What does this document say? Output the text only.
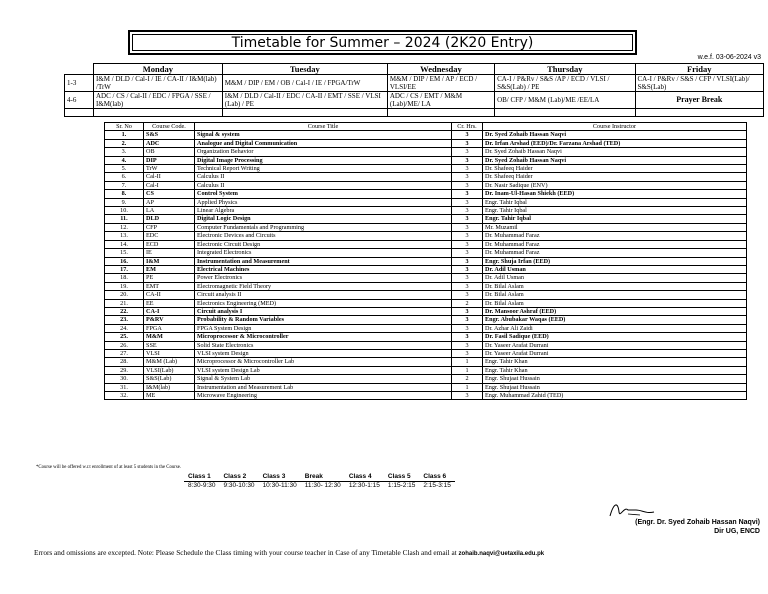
Timetable for Summer – 2024 (2K20 Entry)
w.e.f. 03-06-2024 v3
	Monday	Tuesday	Wednesday	Thursday	Friday
1-3	I&M / DLD / Cal-I / IE / CA-II / I&M(lab) /TrW	M&M / DIP / EM / OB / Cal-I / IE / FPGA/TrW	M&M / DIP / EM / AP / ECD / VLSI/EE	CA-I / P&Rv / S&S /AP / ECD / VLSI / S&S(Lab) / PE	CA-I / P&Rv / S&S / CFP / VLSI(Lab)/ S&S(Lab)
4-6	ADC / CS / Cal-II / EDC / FPGA / SSE / I&M(lab)	I&M / DLD / Cal-II / EDC / CA-II / EMT / SSE / VLSI (Lab) / PE	ADC / CS / EMT / M&M (Lab)/ME/ LA	OB/ CFP / M&M (Lab)/ME /EE/LA	Prayer Break

Sr. No	Course Code.	Course Title	Cr. Hrs.	Course Instructor
1.	S&S	Signal & system	3	Dr. Syed Zohaib Hassan Naqvi
2.	ADC	Analogue and Digital Communication	3	Dr. Irfan Arshad (EED)/Dr. Farzana Arshad (TED)
3.	OB	Organization Behavior	3	Dr. Syed Zohaib Hassan Naqvi
4.	DIP	Digital Image Processing	3	Dr. Syed Zohaib Hassan Naqvi
5.	TrW	Technical Report Writing	3	Dr. Shafeeq Haider
6.	Cal-II	Calculus II	3	Dr. Shafeeq Haider
7.	Cal-I	Calculus II	3	Dr. Nasir Sadique (ENV)
8.	CS	Control System	3	Dr. Inam-Ul-Hasan Shiekh (EED)
9.	AP	Applied Physics	3	Engr. Tahir Iqbal
10.	LA	Linear Algebra	3	Engr. Tahir Iqbal
11.	DLD	Digital Logic Design	3	Engr. Tahir Iqbal
12.	CFP	Computer Fundamentals and Programming	3	Mr. Muzamil
13.	EDC	Electronic Devices and Circuits	3	Dr. Muhammad Faraz
14.	ECD	Electronic Circuit Design	3	Dr. Muhammad Faraz
15.	IE	Integrated Electronics	3	Dr. Muhammad Faraz
16.	I&M	Instrumentation and Measurement	3	Engr. Shuja Irfan (EED)
17.	EM	Electrical Machines	3	Dr. Adil Usman
18.	PE	Power Electronics	3	Dr. Adil Usman
19.	EMT	Electromagnetic Field Theory	3	Dr. Bilal Aslam
20.	CA-II	Circuit analysis II	3	Dr. Bilal Aslam
21.	EE	Electronics Engineering (MED)	2	Dr. Bilal Aslam
22.	CA-I	Circuit analysis I	3	Dr. Mansoor Ashraf (EED)
23.	P&RV	Probability & Random Variables	3	Engr. Abubakar Waqas (EED)
24.	FPGA	FPGA System Design	3	Dr. Azhar Ali Zaidi
25.	M&M	Microprocessor & Microcontroller	3	Dr. Fasil Sadique (EED)
26.	SSE	Solid State Electronics	3	Dr. Yaseer Arafat Durrani
27.	VLSI	VLSI system Design	3	Dr. Yaseer Arafat Durrani
28.	M&M (Lab)	Microprocessor & Microcontroller Lab	1	Engr. Tahir Khan
29.	VLSI(Lab)	VLSI system Design Lab	1	Engr. Tahir Khan
30.	S&S(Lab)	Signal & System Lab	2	Engr. Shujaat Hussain
31.	I&M(lab)	Instrumentation and Measurement Lab	1	Engr. Shujaat Hussain
32.	ME	Microwave Engineering	3	Engr. Muhammad Zahid (TED)
*Course will be offered w.r.t enrollment of at least 5 students in the Course.
Class 1	Class 2	Class 3	Break	Class 4	Class 5	Class 6
8:30-9:30	9:30-10:30	10:30-11:30	11:30- 12:30	12:30-1:15	1:15-2:15	2:15-3:15
(Engr. Dr. Syed Zohaib Hassan Naqvi)
Dir UG, ENCD
Errors and omissions are excepted. Note: Please Schedule the Class timing with your course teacher in Case of any Timetable Clash and email at zohaib.naqvi@uetaxila.edu.pk
